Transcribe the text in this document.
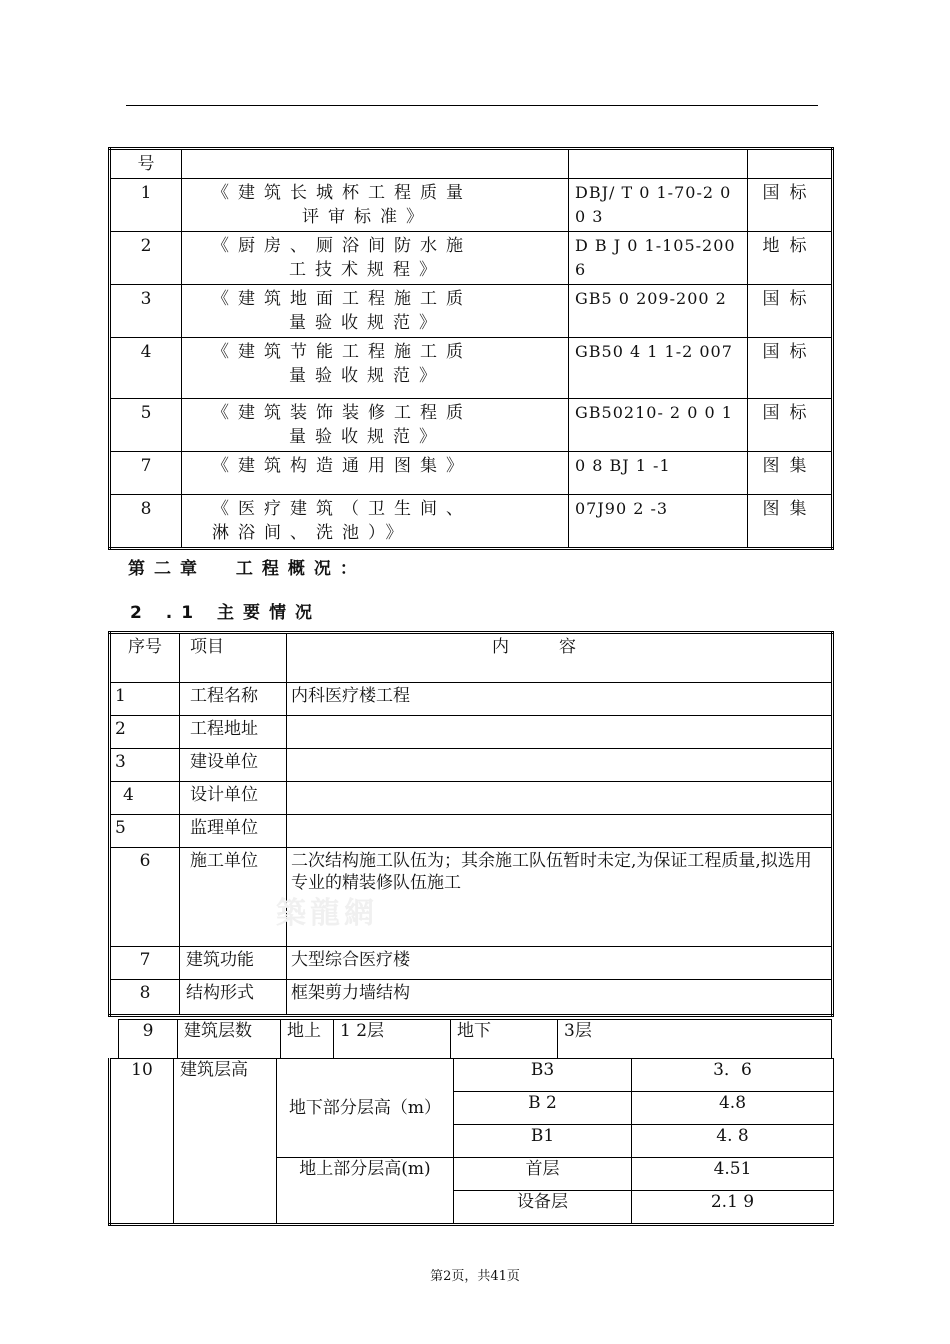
号			
1	《建筑长城杯工程质量
评审标准》	DBJ/ T 0 1-70-2 00 3	国标
2	《厨房、厕浴间防水施
工技术规程》	D B J 0 1-105-2006	地标
3	《建筑地面工程施工质
量验收规范》	GB5 0 209-200 2	国标
4	《建筑节能工程施工质
量验收规范》	GB50 4 1 1-2 007	国标
5	《建筑装饰装修工程质
量验收规范》	GB50210- 2 0 0 1	国标
7	《建筑构造通用图集》	0 8 BJ 1 -1	图集
8	《医疗建筑（卫生间、
淋浴间、洗池）》	07J90 2 -3	图集
第二章  工程概况：
2 .1 主要情况
序号	项目	内容
1	工程名称	内科医疗楼工程
2	工程地址	
3	建设单位	
4	设计单位	
5	监理单位	
6	施工单位	二次结构施工队伍为；其余施工队伍暂时未定,为保证工程质量,拟选用专业的精装修队伍施工
7	建筑功能	大型综合医疗楼
8	结构形式	框架剪力墙结构
9	建筑层数	地上	1 2层	地下	3层
10	建筑层高	地下部分层高（m）	B3	3．6
			B 2	4.8
			B1	4. 8
		地上部分层高(m)	首层	4.51
			设备层	2.1 9
築龍網
第2页，共41页
